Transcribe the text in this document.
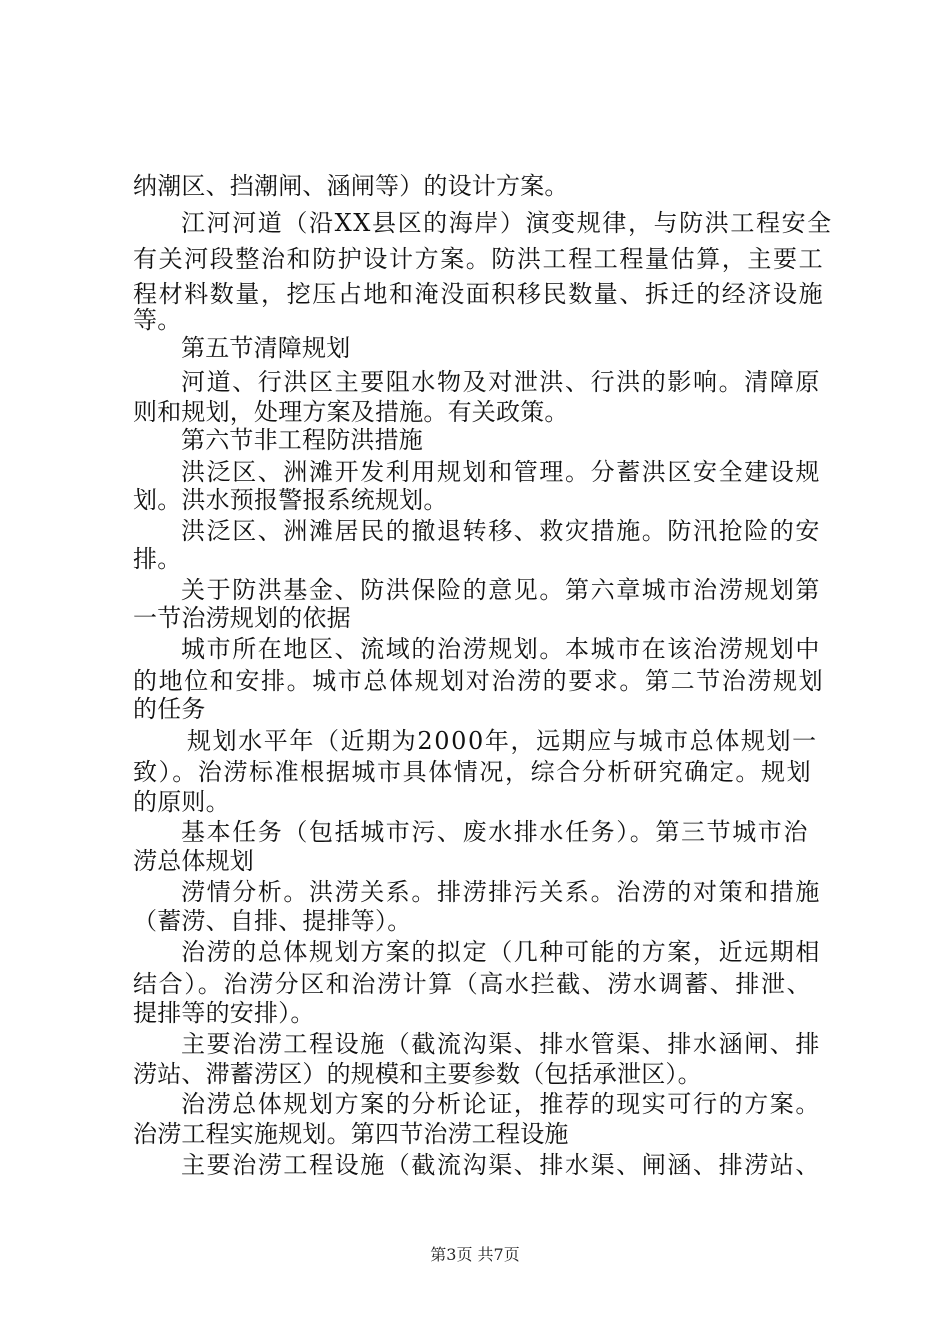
纳潮区、挡潮闸、涵闸等）的设计方案。
江河河道（沿XX县区的海岸）演变规律，与防洪工程安全
有关河段整治和防护设计方案。防洪工程工程量估算，主要工
程材料数量，挖压占地和淹没面积移民数量、拆迁的经济设施
等。
第五节清障规划
河道、行洪区主要阻水物及对泄洪、行洪的影响。清障原
则和规划，处理方案及措施。有关政策。
第六节非工程防洪措施
洪泛区、洲滩开发利用规划和管理。分蓄洪区安全建设规
划。洪水预报警报系统规划。
洪泛区、洲滩居民的撤退转移、救灾措施。防汛抢险的安
排。
关于防洪基金、防洪保险的意见。第六章城市治涝规划第
一节治涝规划的依据
城市所在地区、流域的治涝规划。本城市在该治涝规划中
的地位和安排。城市总体规划对治涝的要求。第二节治涝规划
的任务
规划水平年（近期为2000年，远期应与城市总体规划一
致）。治涝标准根据城市具体情况，综合分析研究确定。规划
的原则。
基本任务（包括城市污、废水排水任务）。第三节城市治
涝总体规划
涝情分析。洪涝关系。排涝排污关系。治涝的对策和措施
（蓄涝、自排、提排等）。
治涝的总体规划方案的拟定（几种可能的方案，近远期相
结合）。治涝分区和治涝计算（高水拦截、涝水调蓄、排泄、
提排等的安排）。
主要治涝工程设施（截流沟渠、排水管渠、排水涵闸、排
涝站、滞蓄涝区）的规模和主要参数（包括承泄区）。
治涝总体规划方案的分析论证，推荐的现实可行的方案。
治涝工程实施规划。第四节治涝工程设施
主要治涝工程设施（截流沟渠、排水渠、闸涵、排涝站、
第3页 共7页
